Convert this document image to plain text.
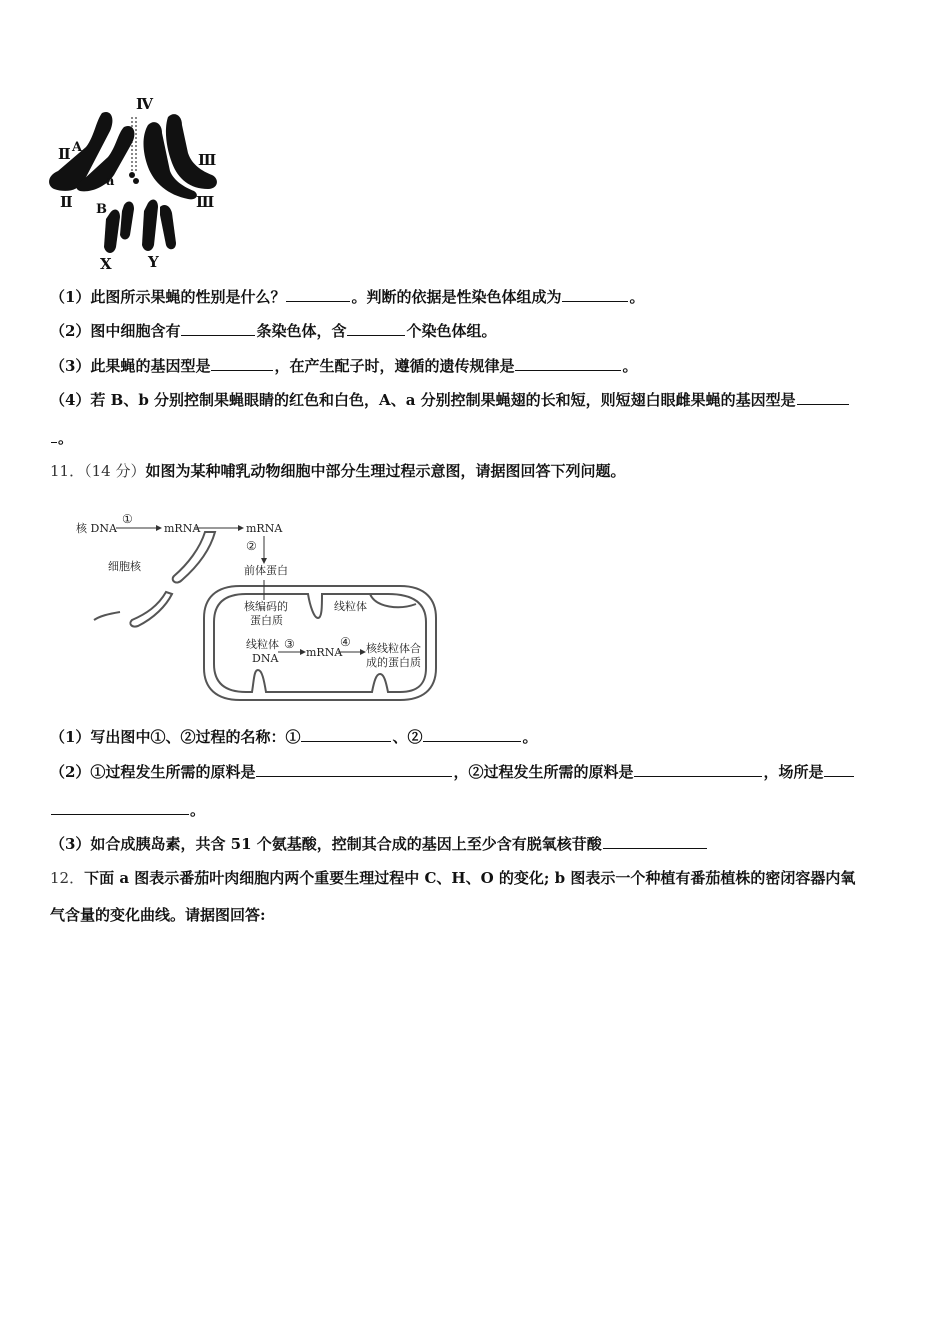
Ⅳ
Ⅱ A
a
Ⅱ B
Ⅲ
Ⅲ
X Y
（1）此图所示果蝇的性别是什么？	。判断的依据是性染色体组成为	。
（2）图中细胞含有	条染色体，含	个染色体组。
（3）此果蝇的基因型是	，在产生配子时，遵循的遗传规律是	。
（4）若 B、b 分别控制果蝇眼睛的红色和白色，A、a 分别控制果蝇翅的长和短，则短翅白眼雌果蝇的基因型是
。
11．（14 分）如图为某种哺乳动物细胞中部分生理过程示意图，请据图回答下列问题。
核 DNA
①
mRNA	mRNA
②
前体蛋白
细胞核
线粒体
核编码的
蛋白质
线粒体
DNA
③
mRNA
④ 核线粒体合
成的蛋白质
（1）写出图中①、②过程的名称：①	、②	。
（2）①过程发生所需的原料是	，②过程发生所需的原料是	，场所是
。
（3）如合成胰岛素，共含 51 个氨基酸，控制其合成的基因上至少含有脱氧核苷酸
12．下面 a 图表示番茄叶肉细胞内两个重要生理过程中 C、H、O 的变化; b 图表示一个种植有番茄植株的密闭容器内氧
气含量的变化曲线。请据图回答:
